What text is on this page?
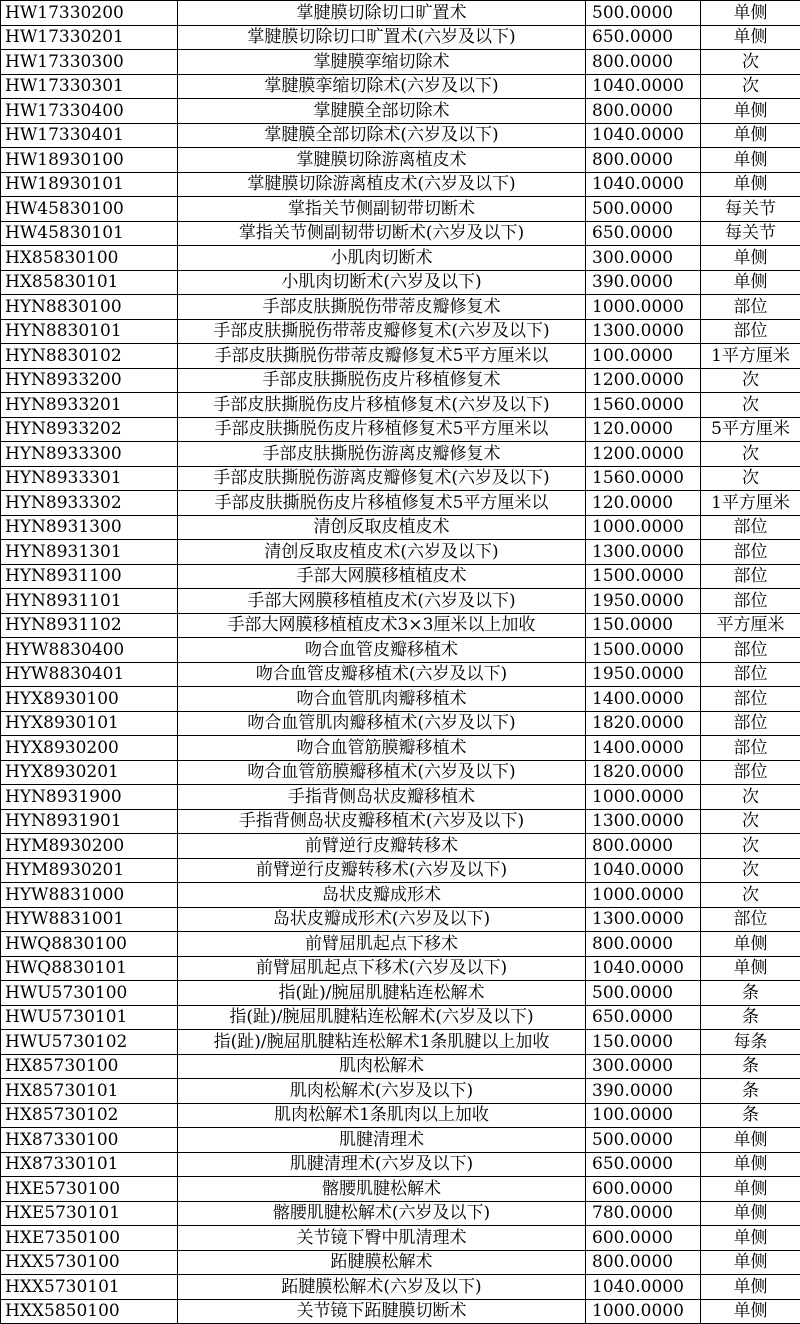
HW17330200	掌腱膜切除切口旷置术	500.0000	单侧
HW17330201	掌腱膜切除切口旷置术(六岁及以下)	650.0000	单侧
HW17330300	掌腱膜挛缩切除术	800.0000	次
HW17330301	掌腱膜挛缩切除术(六岁及以下)	1040.0000	次
HW17330400	掌腱膜全部切除术	800.0000	单侧
HW17330401	掌腱膜全部切除术(六岁及以下)	1040.0000	单侧
HW18930100	掌腱膜切除游离植皮术	800.0000	单侧
HW18930101	掌腱膜切除游离植皮术(六岁及以下)	1040.0000	单侧
HW45830100	掌指关节侧副韧带切断术	500.0000	每关节
HW45830101	掌指关节侧副韧带切断术(六岁及以下)	650.0000	每关节
HX85830100	小肌肉切断术	300.0000	单侧
HX85830101	小肌肉切断术(六岁及以下)	390.0000	单侧
HYN8830100	手部皮肤撕脱伤带蒂皮瓣修复术	1000.0000	部位
HYN8830101	手部皮肤撕脱伤带蒂皮瓣修复术(六岁及以下)	1300.0000	部位
HYN8830102	手部皮肤撕脱伤带蒂皮瓣修复术5平方厘米以	100.0000	1平方厘米
HYN8933200	手部皮肤撕脱伤皮片移植修复术	1200.0000	次
HYN8933201	手部皮肤撕脱伤皮片移植修复术(六岁及以下)	1560.0000	次
HYN8933202	手部皮肤撕脱伤皮片移植修复术5平方厘米以	120.0000	5平方厘米
HYN8933300	手部皮肤撕脱伤游离皮瓣修复术	1200.0000	次
HYN8933301	手部皮肤撕脱伤游离皮瓣修复术(六岁及以下)	1560.0000	次
HYN8933302	手部皮肤撕脱伤皮片移植修复术5平方厘米以	120.0000	1平方厘米
HYN8931300	清创反取皮植皮术	1000.0000	部位
HYN8931301	清创反取皮植皮术(六岁及以下)	1300.0000	部位
HYN8931100	手部大网膜移植植皮术	1500.0000	部位
HYN8931101	手部大网膜移植植皮术(六岁及以下)	1950.0000	部位
HYN8931102	手部大网膜移植植皮术3×3厘米以上加收	150.0000	平方厘米
HYW8830400	吻合血管皮瓣移植术	1500.0000	部位
HYW8830401	吻合血管皮瓣移植术(六岁及以下)	1950.0000	部位
HYX8930100	吻合血管肌肉瓣移植术	1400.0000	部位
HYX8930101	吻合血管肌肉瓣移植术(六岁及以下)	1820.0000	部位
HYX8930200	吻合血管筋膜瓣移植术	1400.0000	部位
HYX8930201	吻合血管筋膜瓣移植术(六岁及以下)	1820.0000	部位
HYN8931900	手指背侧岛状皮瓣移植术	1000.0000	次
HYN8931901	手指背侧岛状皮瓣移植术(六岁及以下)	1300.0000	次
HYM8930200	前臂逆行皮瓣转移术	800.0000	次
HYM8930201	前臂逆行皮瓣转移术(六岁及以下)	1040.0000	次
HYW8831000	岛状皮瓣成形术	1000.0000	次
HYW8831001	岛状皮瓣成形术(六岁及以下)	1300.0000	部位
HWQ8830100	前臂屈肌起点下移术	800.0000	单侧
HWQ8830101	前臂屈肌起点下移术(六岁及以下)	1040.0000	单侧
HWU5730100	指(趾)/腕屈肌腱粘连松解术	500.0000	条
HWU5730101	指(趾)/腕屈肌腱粘连松解术(六岁及以下)	650.0000	条
HWU5730102	指(趾)/腕屈肌腱粘连松解术1条肌腱以上加收	150.0000	每条
HX85730100	肌肉松解术	300.0000	条
HX85730101	肌肉松解术(六岁及以下)	390.0000	条
HX85730102	肌肉松解术1条肌肉以上加收	100.0000	条
HX87330100	肌腱清理术	500.0000	单侧
HX87330101	肌腱清理术(六岁及以下)	650.0000	单侧
HXE5730100	髂腰肌腱松解术	600.0000	单侧
HXE5730101	髂腰肌腱松解术(六岁及以下)	780.0000	单侧
HXE7350100	关节镜下臀中肌清理术	600.0000	单侧
HXX5730100	跖腱膜松解术	800.0000	单侧
HXX5730101	跖腱膜松解术(六岁及以下)	1040.0000	单侧
HXX5850100	关节镜下跖腱膜切断术	1000.0000	单侧
